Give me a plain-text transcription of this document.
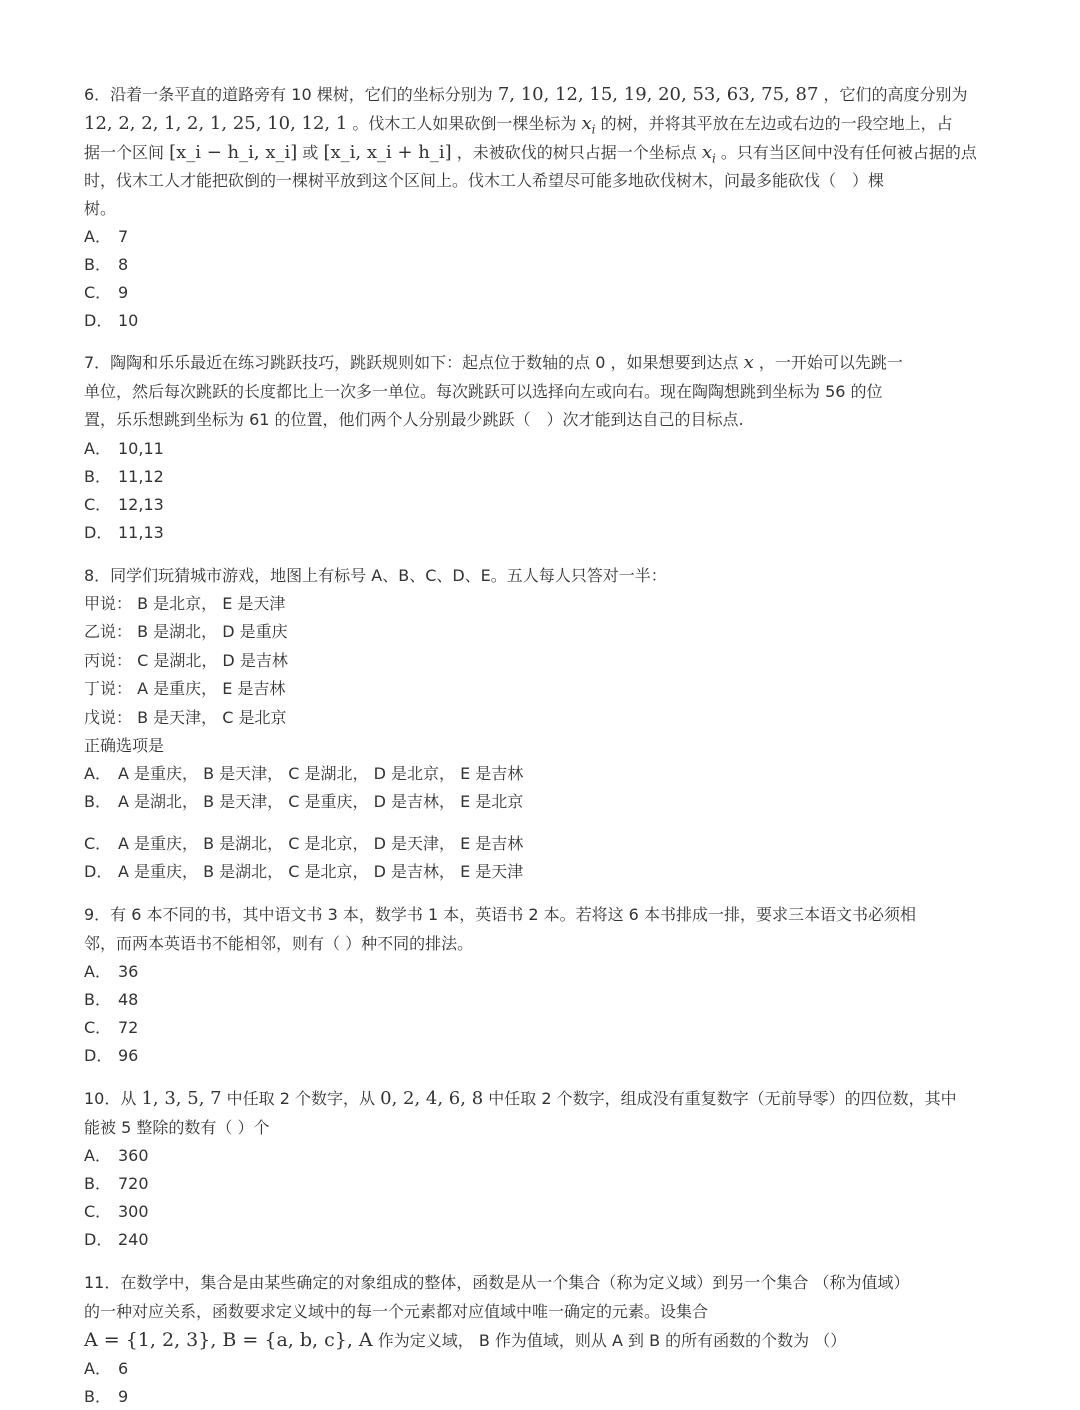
6．沿着一条平直的道路旁有 10 棵树，它们的坐标分别为 7, 10, 12, 15, 19, 20, 53, 63, 75, 87 ，它们的高度分别为
12, 2, 2, 1, 2, 1, 25, 10, 12, 1 。伐木工人如果砍倒一棵坐标为 $x_i$ 的树，并将其平放在左边或右边的一段空地上，占
据一个区间 [x_i − h_i, x_i] 或 [x_i, x_i + h_i] ，未被砍伐的树只占据一个坐标点 $x_i$ 。只有当区间中没有任何被占据的点
时，伐木工人才能把砍倒的一棵树平放到这个区间上。伐木工人希望尽可能多地砍伐树木，问最多能砍伐（　）棵
树。
A． 7
B． 8
C． 9
D． 10
7．陶陶和乐乐最近在练习跳跃技巧，跳跃规则如下：起点位于数轴的点 0 ，如果想要到达点 x ，一开始可以先跳一
单位，然后每次跳跃的长度都比上一次多一单位。每次跳跃可以选择向左或向右。现在陶陶想跳到坐标为 56 的位
置，乐乐想跳到坐标为 61 的位置，他们两个人分别最少跳跃（　）次才能到达自己的目标点.
A． 10,11
B． 11,12
C． 12,13
D． 11,13
8．同学们玩猜城市游戏，地图上有标号 A、B、C、D、E。五人每人只答对一半：
甲说： B 是北京， E 是天津
乙说： B 是湖北， D 是重庆
丙说： C 是湖北， D 是吉林
丁说： A 是重庆， E 是吉林
戊说： B 是天津， C 是北京
正确选项是
A． A 是重庆， B 是天津， C 是湖北， D 是北京， E 是吉林
B． A 是湖北， B 是天津， C 是重庆， D 是吉林， E 是北京
C． A 是重庆， B 是湖北， C 是北京， D 是天津， E 是吉林
D． A 是重庆， B 是湖北， C 是北京， D 是吉林， E 是天津
9．有 6 本不同的书，其中语文书 3 本，数学书 1 本，英语书 2 本。若将这 6 本书排成一排，要求三本语文书必须相
邻，而两本英语书不能相邻，则有（ ）种不同的排法。
A． 36
B． 48
C． 72
D． 96
10．从 1, 3, 5, 7 中任取 2 个数字，从 0, 2, 4, 6, 8 中任取 2 个数字，组成没有重复数字（无前导零）的四位数，其中
能被 5 整除的数有（ ）个
A． 360
B． 720
C． 300
D． 240
11．在数学中，集合是由某些确定的对象组成的整体，函数是从一个集合（称为定义域）到另一个集合 （称为值域）
的一种对应关系，函数要求定义域中的每一个元素都对应值域中唯一确定的元素。设集合
A = {1, 2, 3}, B = {a, b, c}, A 作为定义域， B 作为值域，则从 A 到 B 的所有函数的个数为 （）
A． 6
B． 9
